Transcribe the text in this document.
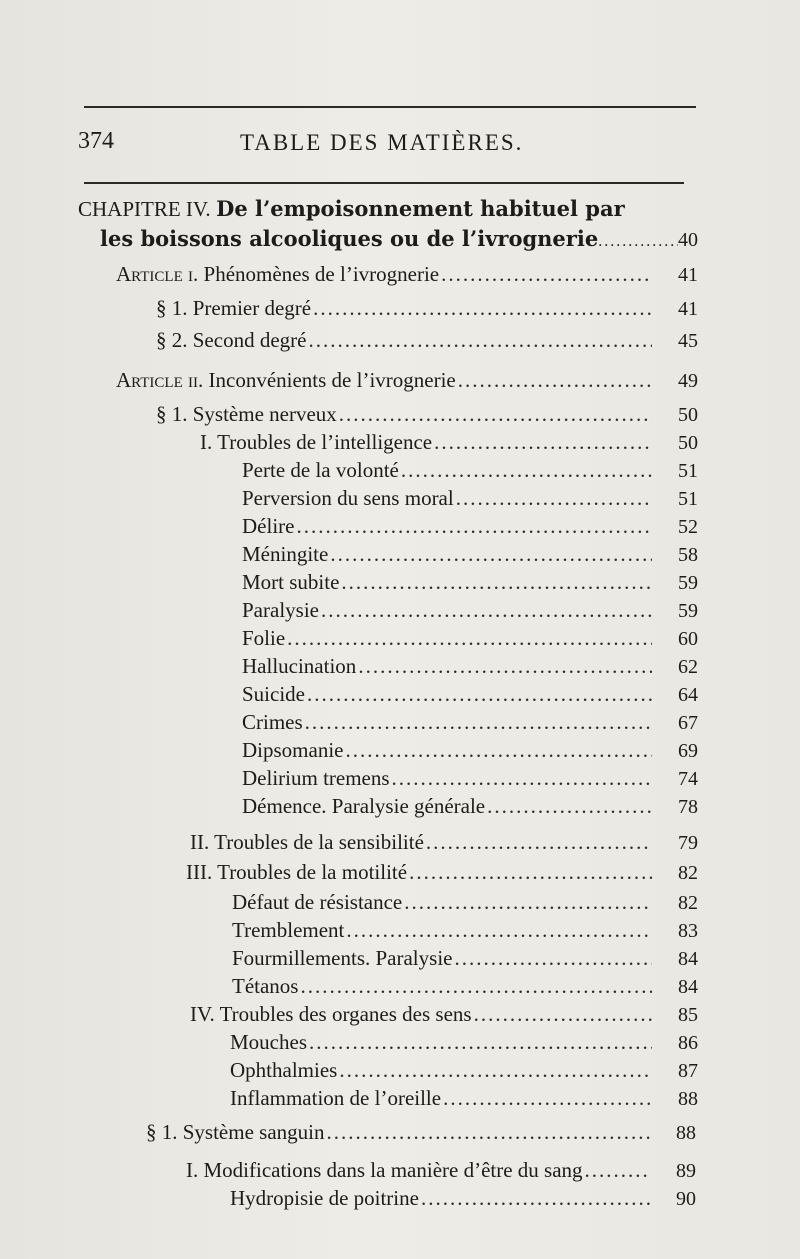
374	TABLE DES MATIÈRES.
CHAPITRE IV. De l’empoisonnement habituel par
les boissons alcooliques ou de l’ivrognerie .....	40
Article i. Phénomènes de l’ivrognerie .....	41
§ 1. Premier degré .....	41
§ 2. Second degré .....	45
Article ii. Inconvénients de l’ivrognerie .....	49
§ 1. Système nerveux .....	50
I. Troubles de l’intelligence .....	50
Perte de la volonté .....	51
Perversion du sens moral .....	51
Délire .....	52
Méningite .....	58
Mort subite .....	59
Paralysie .....	59
Folie .....	60
Hallucination .....	62
Suicide .....	64
Crimes .....	67
Dipsomanie .....	69
Delirium tremens .....	74
Démence. Paralysie générale .....	78
II. Troubles de la sensibilité .....	79
III. Troubles de la motilité .....	82
Défaut de résistance .....	82
Tremblement .....	83
Fourmillements. Paralysie .....	84
Tétanos .....	84
IV. Troubles des organes des sens .....	85
Mouches .....	86
Ophthalmies .....	87
Inflammation de l’oreille .....	88
§ 1. Système sanguin .....	88
I. Modifications dans la manière d’être du sang .....	89
Hydropisie de poitrine .....	90
